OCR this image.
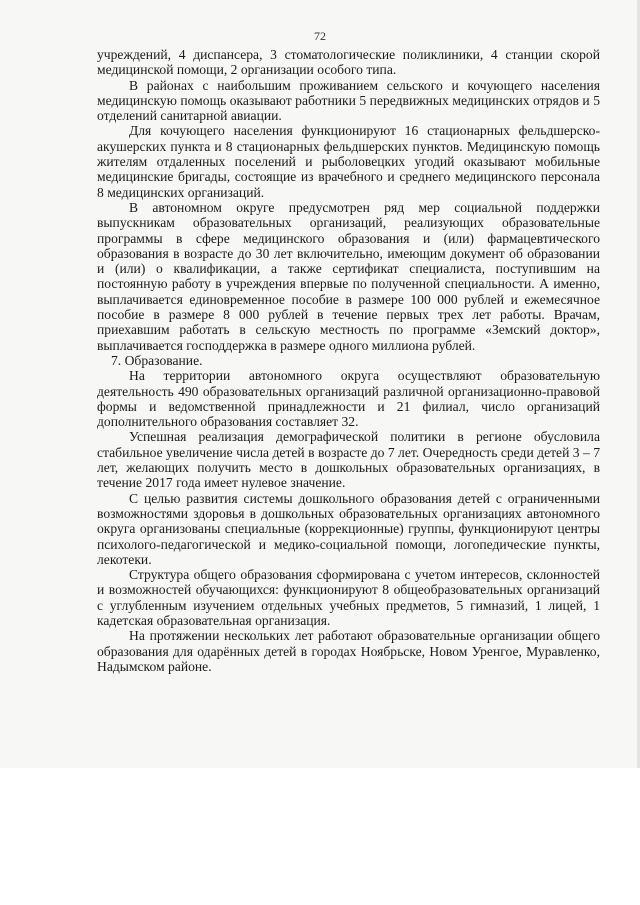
72

учреждений, 4 диспансера, 3 стоматологические поликлиники, 4 станции скорой медицинской помощи, 2 организации особого типа.

В районах с наибольшим проживанием сельского и кочующего населения медицинскую помощь оказывают работники 5 передвижных медицинских отрядов и 5 отделений санитарной авиации.

Для кочующего населения функционируют 16 стационарных фельдшерско-акушерских пункта и 8 стационарных фельдшерских пунктов. Медицинскую помощь жителям отдаленных поселений и рыболовецких угодий оказывают мобильные медицинские бригады, состоящие из врачебного и среднего медицинского персонала 8 медицинских организаций.

В автономном округе предусмотрен ряд мер социальной поддержки выпускникам образовательных организаций, реализующих образовательные программы в сфере медицинского образования и (или) фармацевтического образования в возрасте до 30 лет включительно, имеющим документ об образовании и (или) о квалификации, а также сертификат специалиста, поступившим на постоянную работу в учреждения впервые по полученной специальности. А именно, выплачивается единовременное пособие в размере 100 000 рублей и ежемесячное пособие в размере 8 000 рублей в течение первых трех лет работы. Врачам, приехавшим работать в сельскую местность по программе «Земский доктор», выплачивается господдержка в размере одного миллиона рублей.

7. Образование.

На территории автономного округа осуществляют образовательную деятельность 490 образовательных организаций различной организационно-правовой формы и ведомственной принадлежности и 21 филиал, число организаций дополнительного образования составляет 32.

Успешная реализация демографической политики в регионе обусловила стабильное увеличение числа детей в возрасте до 7 лет. Очередность среди детей 3 – 7 лет, желающих получить место в дошкольных образовательных организациях, в течение 2017 года имеет нулевое значение.

С целью развития системы дошкольного образования детей с ограниченными возможностями здоровья в дошкольных образовательных организациях автономного округа организованы специальные (коррекционные) группы, функционируют центры психолого-педагогической и медико-социальной помощи, логопедические пункты, лекотеки.

Структура общего образования сформирована с учетом интересов, склонностей и возможностей обучающихся: функционируют 8 общеобразовательных организаций с углубленным изучением отдельных учебных предметов, 5 гимназий, 1 лицей, 1 кадетская образовательная организация.

На протяжении нескольких лет работают образовательные организации общего образования для одарённых детей в городах Ноябрьске, Новом Уренгое, Муравленко, Надымском районе.
